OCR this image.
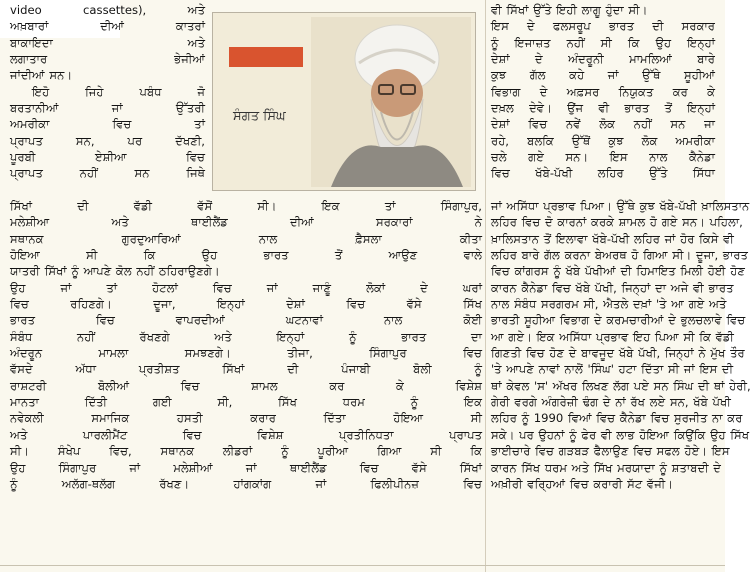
video cassettes), ਅਤੇ
ਅਖ਼ਬਾਰਾਂ ਦੀਆਂ ਕਾਤਰਾਂ
ਬਾਕਾਇਦਾ ਅਤੇ
ਲਗਾਤਾਰ ਭੇਜੀਆਂ
ਜਾਂਦੀਆਂ ਸਨ।
ਇਹੋ ਜਿਹੇ ਪਬੰਧ ਜੋ
ਬਰਤਾਨੀਆਂ ਜਾਂ ਉੱਤਰੀ
ਅਮਰੀਕਾ ਵਿਚ ਤਾਂ
ਪ੍ਰਾਪਤ ਸਨ, ਪਰ ਦੱਖਣੀ,
ਪੂਰਬੀ ਏਸ਼ੀਆ ਵਿਚ
ਪ੍ਰਾਪਤ ਨਹੀਂ ਸਨ ਜਿਥੇ
ਸੰਗਤ ਸਿੰਘ
ਸਿੱਖਾਂ ਦੀ ਵੱਡੀ ਵੱਸੋਂ ਸੀ। ਇਕ ਤਾਂ ਸਿੰਗਾਪੁਰ,
ਮਲੇਸ਼ੀਆ ਅਤੇ ਥਾਈਲੈਂਡ ਦੀਆਂ ਸਰਕਾਰਾਂ ਨੇ
ਸਥਾਨਕ ਗੁਰਦੁਆਰਿਆਂ ਨਾਲ ਫ਼ੈਸਲਾ ਕੀਤਾ
ਹੋਇਆ ਸੀ ਕਿ ਉਹ ਭਾਰਤ ਤੋਂ ਆਉਣ ਵਾਲੇ
ਯਾਤਰੀ ਸਿੱਖਾਂ ਨੂੰ ਆਪਣੇ ਕੋਲ ਨਹੀਂ ਠਹਿਰਾਉਣਗੇ।
ਉਹ ਜਾਂ ਤਾਂ ਹੋਟਲਾਂ ਵਿਚ ਜਾਂ ਜਾਣੂੰ ਲੋਕਾਂ ਦੇ ਘਰਾਂ
ਵਿਚ ਰਹਿਣਗੇ। ਦੂਜਾ, ਇਨ੍ਹਾਂ ਦੇਸ਼ਾਂ ਵਿਚ ਵੱਸੇ ਸਿੱਖ
ਭਾਰਤ ਵਿਚ ਵਾਪਰਦੀਆਂ ਘਟਨਾਵਾਂ ਨਾਲ ਕੋਈ
ਸੰਬੰਧ ਨਹੀਂ ਰੱਖਣਗੇ ਅਤੇ ਇਨ੍ਹਾਂ ਨੂੰ ਭਾਰਤ ਦਾ
ਅੰਦਰੂਨ ਮਾਮਲਾ ਸਮਝਣਗੇ। ਤੀਜਾ, ਸਿੰਗਾਪੁਰ ਵਿਚ
ਵੱਸਦੇ ਅੱਧਾ ਪ੍ਰਤੀਸ਼ਤ ਸਿੱਖਾਂ ਦੀ ਪੰਜਾਬੀ ਬੋਲੀ ਨੂੰ
ਰਾਸ਼ਟਰੀ ਬੋਲੀਆਂ ਵਿਚ ਸ਼ਾਮਲ ਕਰ ਕੇ ਵਿਸ਼ੇਸ਼
ਮਾਨਤਾ ਦਿੱਤੀ ਗਈ ਸੀ, ਸਿੱਖ ਧਰਮ ਨੂੰ ਇਕ
ਨਵੇਕਲੀ ਸਮਾਜਿਕ ਹਸਤੀ ਕਰਾਰ ਦਿੱਤਾ ਹੋਇਆ ਸੀ
ਅਤੇ ਪਾਰਲੀਮੈਂਟ ਵਿਚ ਵਿਸ਼ੇਸ਼ ਪ੍ਰਤੀਨਿਧਤਾ ਪ੍ਰਾਪਤ
ਸੀ। ਸੰਖੇਪ ਵਿਚ, ਸਥਾਨਕ ਲੀਡਰਾਂ ਨੂੰ ਪੂਰੀਆ ਗਿਆ ਸੀ ਕਿ
ਉਹ ਸਿੰਗਾਪੁਰ ਜਾਂ ਮਲੇਸ਼ੀਆਂ ਜਾਂ ਥਾਈਲੈਂਡ ਵਿਚ ਵੱਸੇ ਸਿੱਖਾਂ
ਨੂੰ ਅਲੱਗ-ਥਲੱਗ ਰੱਖਣ। ਹਾਂਗਕਾਂਗ ਜਾਂ ਫਿਲੀਪੀਨਜ਼ ਵਿਚ
ਵੀ ਸਿੱਖਾਂ ਉੱਤੇ ਇਹੀ ਲਾਗੂ ਹੁੰਦਾ ਸੀ।
ਇਸ ਦੇ ਫਲਸਰੂਪ ਭਾਰਤ ਦੀ ਸਰਕਾਰ
ਨੂੰ ਇਜਾਜ਼ਤ ਨਹੀਂ ਸੀ ਕਿ ਉਹ ਇਨ੍ਹਾਂ
ਦੇਸ਼ਾਂ ਦੇ ਅੰਦਰੂਨੀ ਮਾਮਲਿਆਂ ਬਾਰੇ
ਕੁਝ ਗੱਲ ਕਹੇ ਜਾਂ ਉੱਥੇ ਸੂਹੀਆਂ
ਵਿਭਾਗ ਦੇ ਅਫ਼ਸਰ ਨਿਯੁਕਤ ਕਰ ਕੇ
ਦਖ਼ਲ ਦੇਵੇ। ਉਂਜ ਵੀ ਭਾਰਤ ਤੋਂ ਇਨ੍ਹਾਂ
ਦੇਸ਼ਾਂ ਵਿਚ ਨਵੇਂ ਲੋਕ ਨਹੀਂ ਸਨ ਜਾ
ਰਹੇ, ਬਲਕਿ ਉੱਥੋਂ ਕੁਝ ਲੋਕ ਅਮਰੀਕਾ
ਚਲੇ ਗਏ ਸਨ। ਇਸ ਨਾਲ ਕੈਨੇਡਾ
ਵਿਚ ਖੱਬੇ-ਪੱਖੀ ਲਹਿਰ ਉੱਤੇ ਸਿੱਧਾ
ਜਾਂ ਅਸਿੱਧਾ ਪ੍ਰਭਾਵ ਪਿਆ। ਉੱਥੇ ਕੁਝ ਖੱਬੇ-ਪੱਖੀ ਖ਼ਾਲਿਸਤਾਨ
ਲਹਿਰ ਵਿਚ ਦੋ ਕਾਰਨਾਂ ਕਰਕੇ ਸ਼ਾਮਲ ਹੋ ਗਏ ਸਨ। ਪਹਿਲਾ,
ਖ਼ਾਲਿਸਤਾਨ ਤੋਂ ਇਲਾਵਾ ਖੱਬੇ-ਪੱਖੀ ਲਹਿਰ ਜਾਂ ਹੋਰ ਕਿਸੇ ਵੀ
ਲਹਿਰ ਬਾਰੇ ਗੱਲ ਕਰਨਾ ਬੇਅਰਥ ਹੋ ਗਿਆ ਸੀ। ਦੂਜਾ, ਭਾਰਤ
ਵਿਚ ਕਾਂਗਰਸ ਨੂੰ ਖੱਬੇ ਪੱਖੀਆਂ ਦੀ ਹਿਮਾਇਤ ਮਿਲੀ ਹੋਈ ਹੋਣ
ਕਾਰਨ ਕੈਨੇਡਾ ਵਿਚ ਖੱਬੇ ਪੱਖੀ, ਜਿਨ੍ਹਾਂ ਦਾ ਅਜੇ ਵੀ ਭਾਰਤ
ਨਾਲ ਸੰਬੰਧ ਸਰਗਰਮ ਸੀ, ਐਤਲੇ ਦਖ਼ਾਂ 'ਤੇ ਆ ਗਏ ਅਤੇ
ਭਾਰਤੀ ਸੂਹੀਆ ਵਿਭਾਗ ਦੇ ਕਰਮਚਾਰੀਆਂ ਦੇ ਭੁਲਚਲਾਵੇ ਵਿਚ
ਆ ਗਏ। ਇਕ ਅਸਿੱਧਾ ਪ੍ਰਭਾਵ ਇਹ ਪਿਆ ਸੀ ਕਿ ਵੱਡੀ
ਗਿਣਤੀ ਵਿਚ ਹੋਣ ਦੇ ਬਾਵਜੂਦ ਖੱਬੇ ਪੱਖੀ, ਜਿਨ੍ਹਾਂ ਨੇ ਮੁੱਖ ਤੌਰ
'ਤੇ ਆਪਣੇ ਨਾਵਾਂ ਨਾਲੋਂ 'ਸਿੰਘ' ਹਟਾ ਦਿੱਤਾ ਸੀ ਜਾਂ ਇਸ ਦੀ
ਥਾਂ ਕੇਵਲ 'ਸ' ਅੱਖਰ ਲਿਖਣ ਲੱਗ ਪਏ ਸਨ ਸਿੰਘ ਦੀ ਥਾਂ ਹੇਰੀ,
ਗੇਰੀ ਵਰਗੇ ਅੰਗਰੇਜ਼ੀ ਢੰਗ ਦੇ ਨਾਂ ਰੱਖ ਲਏ ਸਨ, ਖੱਬੇ ਪੱਖੀ
ਲਹਿਰ ਨੂੰ 1990 ਵਿਆਂ ਵਿਚ ਕੈਨੇਡਾ ਵਿਚ ਸੁਰਜੀਤ ਨਾ ਕਰ
ਸਕੇ। ਪਰ ਉਹਨਾਂ ਨੂੰ ਫੇਰ ਵੀ ਲਾਭ ਹੋਇਆ ਕਿਉਂਕਿ ਉਹ ਸਿੱਖ
ਭਾਈਚਾਰੇ ਵਿਚ ਗੜਬੜ ਫੈਲਾਉਣ ਵਿਚ ਸਫਲ ਹੋਏ। ਇਸ
ਕਾਰਨ ਸਿੱਖ ਧਰਮ ਅਤੇ ਸਿੱਖ ਮਰਯਾਦਾ ਨੂੰ ਸ਼ਤਾਬਦੀ ਦੇ
ਅਖ਼ੀਰੀ ਵਰ੍ਹਿਆਂ ਵਿਚ ਕਰਾਰੀ ਸੱਟ ਵੱਜੀ।
